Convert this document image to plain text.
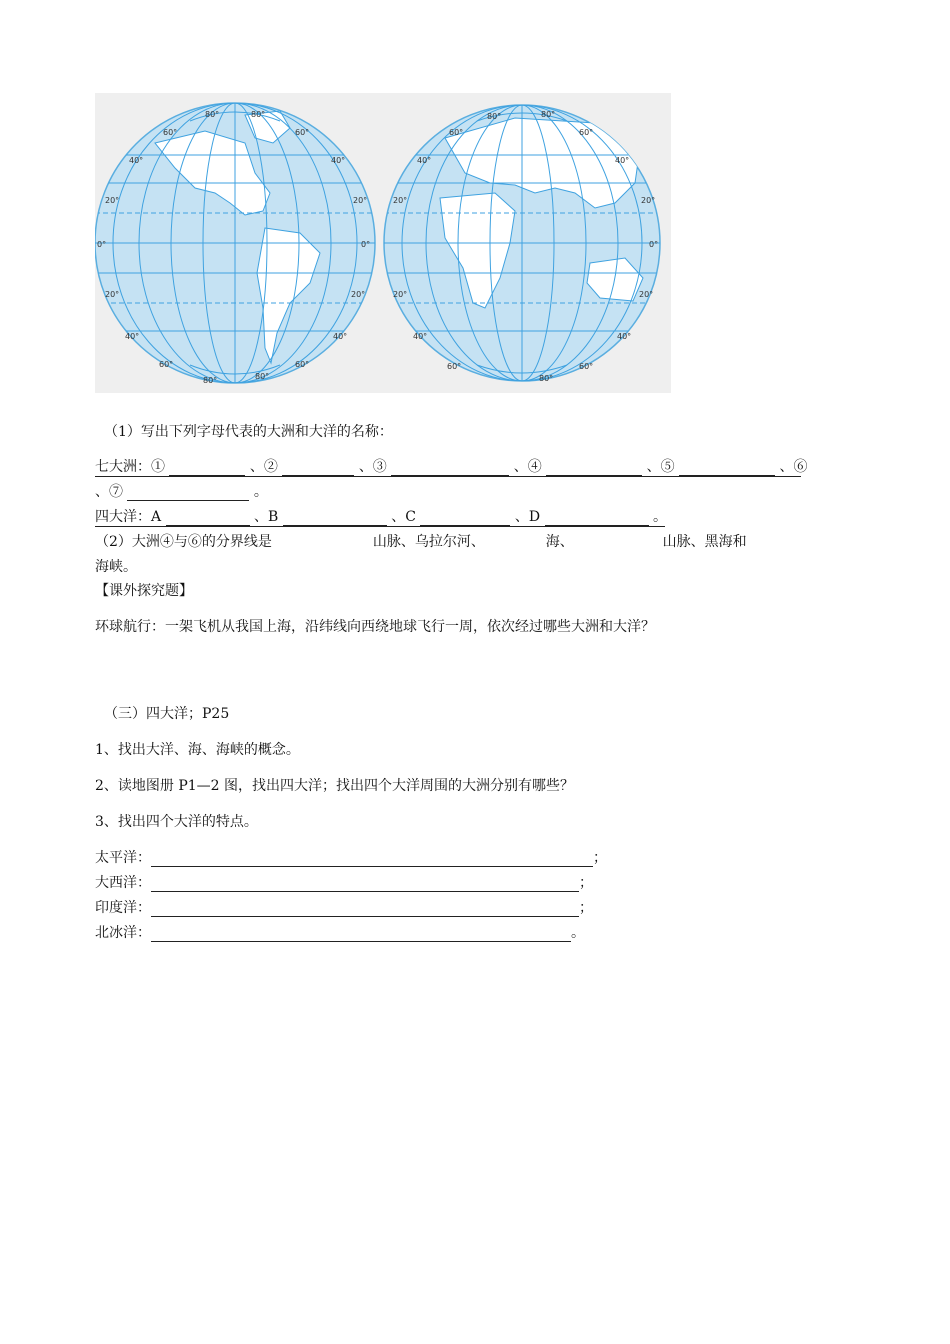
80°	80°
60°
40°
20°
0°
20°
40°
60°
60°
40°
20°
0°
20°
40°
60°
80°	80°
80°	80°
60°
40°
20°
20°
40°
60°
60°
40°
20°
0°
20°
40°
60°
80°
（1）写出下列字母代表的大洲和大洋的名称：
七大洲：①	、②	、③	、④	、⑤	、⑥
、⑦	。
四大洋：A	、B	、C	、D	。
（2）大洲④与⑥的分界线是	山脉、乌拉尔河、	海、	山脉、黑海和
海峡。
【课外探究题】
环球航行：一架飞机从我国上海，沿纬线向西绕地球飞行一周，依次经过哪些大洲和大洋？
（三）四大洋；P25
1、找出大洋、海、海峡的概念。
2、读地图册 P1—2 图，找出四大洋；找出四个大洋周围的大洲分别有哪些？
3、找出四个大洋的特点。
太平洋：	；
大西洋：	；
印度洋：	；
北冰洋：	。
